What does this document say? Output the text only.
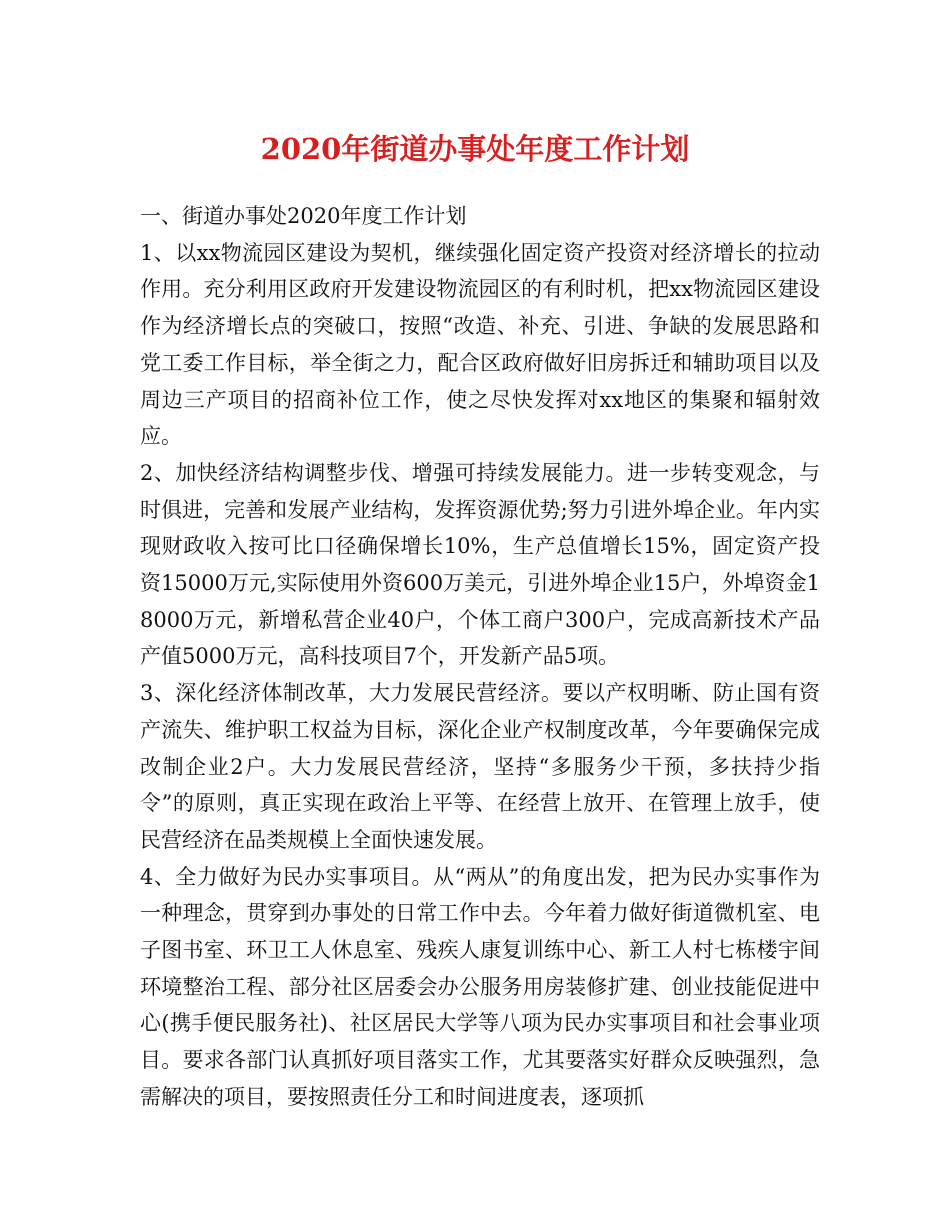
2020年街道办事处年度工作计划

一、街道办事处2020年度工作计划

1、以xx物流园区建设为契机，继续强化固定资产投资对经济增长的拉动作用。充分利用区政府开发建设物流园区的有利时机，把xx物流园区建设作为经济增长点的突破口，按照“改造、补充、引进、争缺的发展思路和党工委工作目标，举全街之力，配合区政府做好旧房拆迁和辅助项目以及周边三产项目的招商补位工作，使之尽快发挥对xx地区的集聚和辐射效应。

2、加快经济结构调整步伐、增强可持续发展能力。进一步转变观念，与时俱进，完善和发展产业结构，发挥资源优势;努力引进外埠企业。年内实现财政收入按可比口径确保增长10%，生产总值增长15%，固定资产投资15000万元,实际使用外资600万美元，引进外埠企业15户，外埠资金18000万元，新增私营企业40户，个体工商户300户，完成高新技术产品产值5000万元，高科技项目7个，开发新产品5项。

3、深化经济体制改革，大力发展民营经济。要以产权明晰、防止国有资产流失、维护职工权益为目标，深化企业产权制度改革，今年要确保完成改制企业2户。大力发展民营经济，坚持“多服务少干预，多扶持少指令”的原则，真正实现在政治上平等、在经营上放开、在管理上放手，使民营经济在品类规模上全面快速发展。

4、全力做好为民办实事项目。从“两从”的角度出发，把为民办实事作为一种理念，贯穿到办事处的日常工作中去。今年着力做好街道微机室、电子图书室、环卫工人休息室、残疾人康复训练中心、新工人村七栋楼宇间环境整治工程、部分社区居委会办公服务用房装修扩建、创业技能促进中心(携手便民服务社)、社区居民大学等八项为民办实事项目和社会事业项目。要求各部门认真抓好项目落实工作，尤其要落实好群众反映强烈，急需解决的项目，要按照责任分工和时间进度表，逐项抓
